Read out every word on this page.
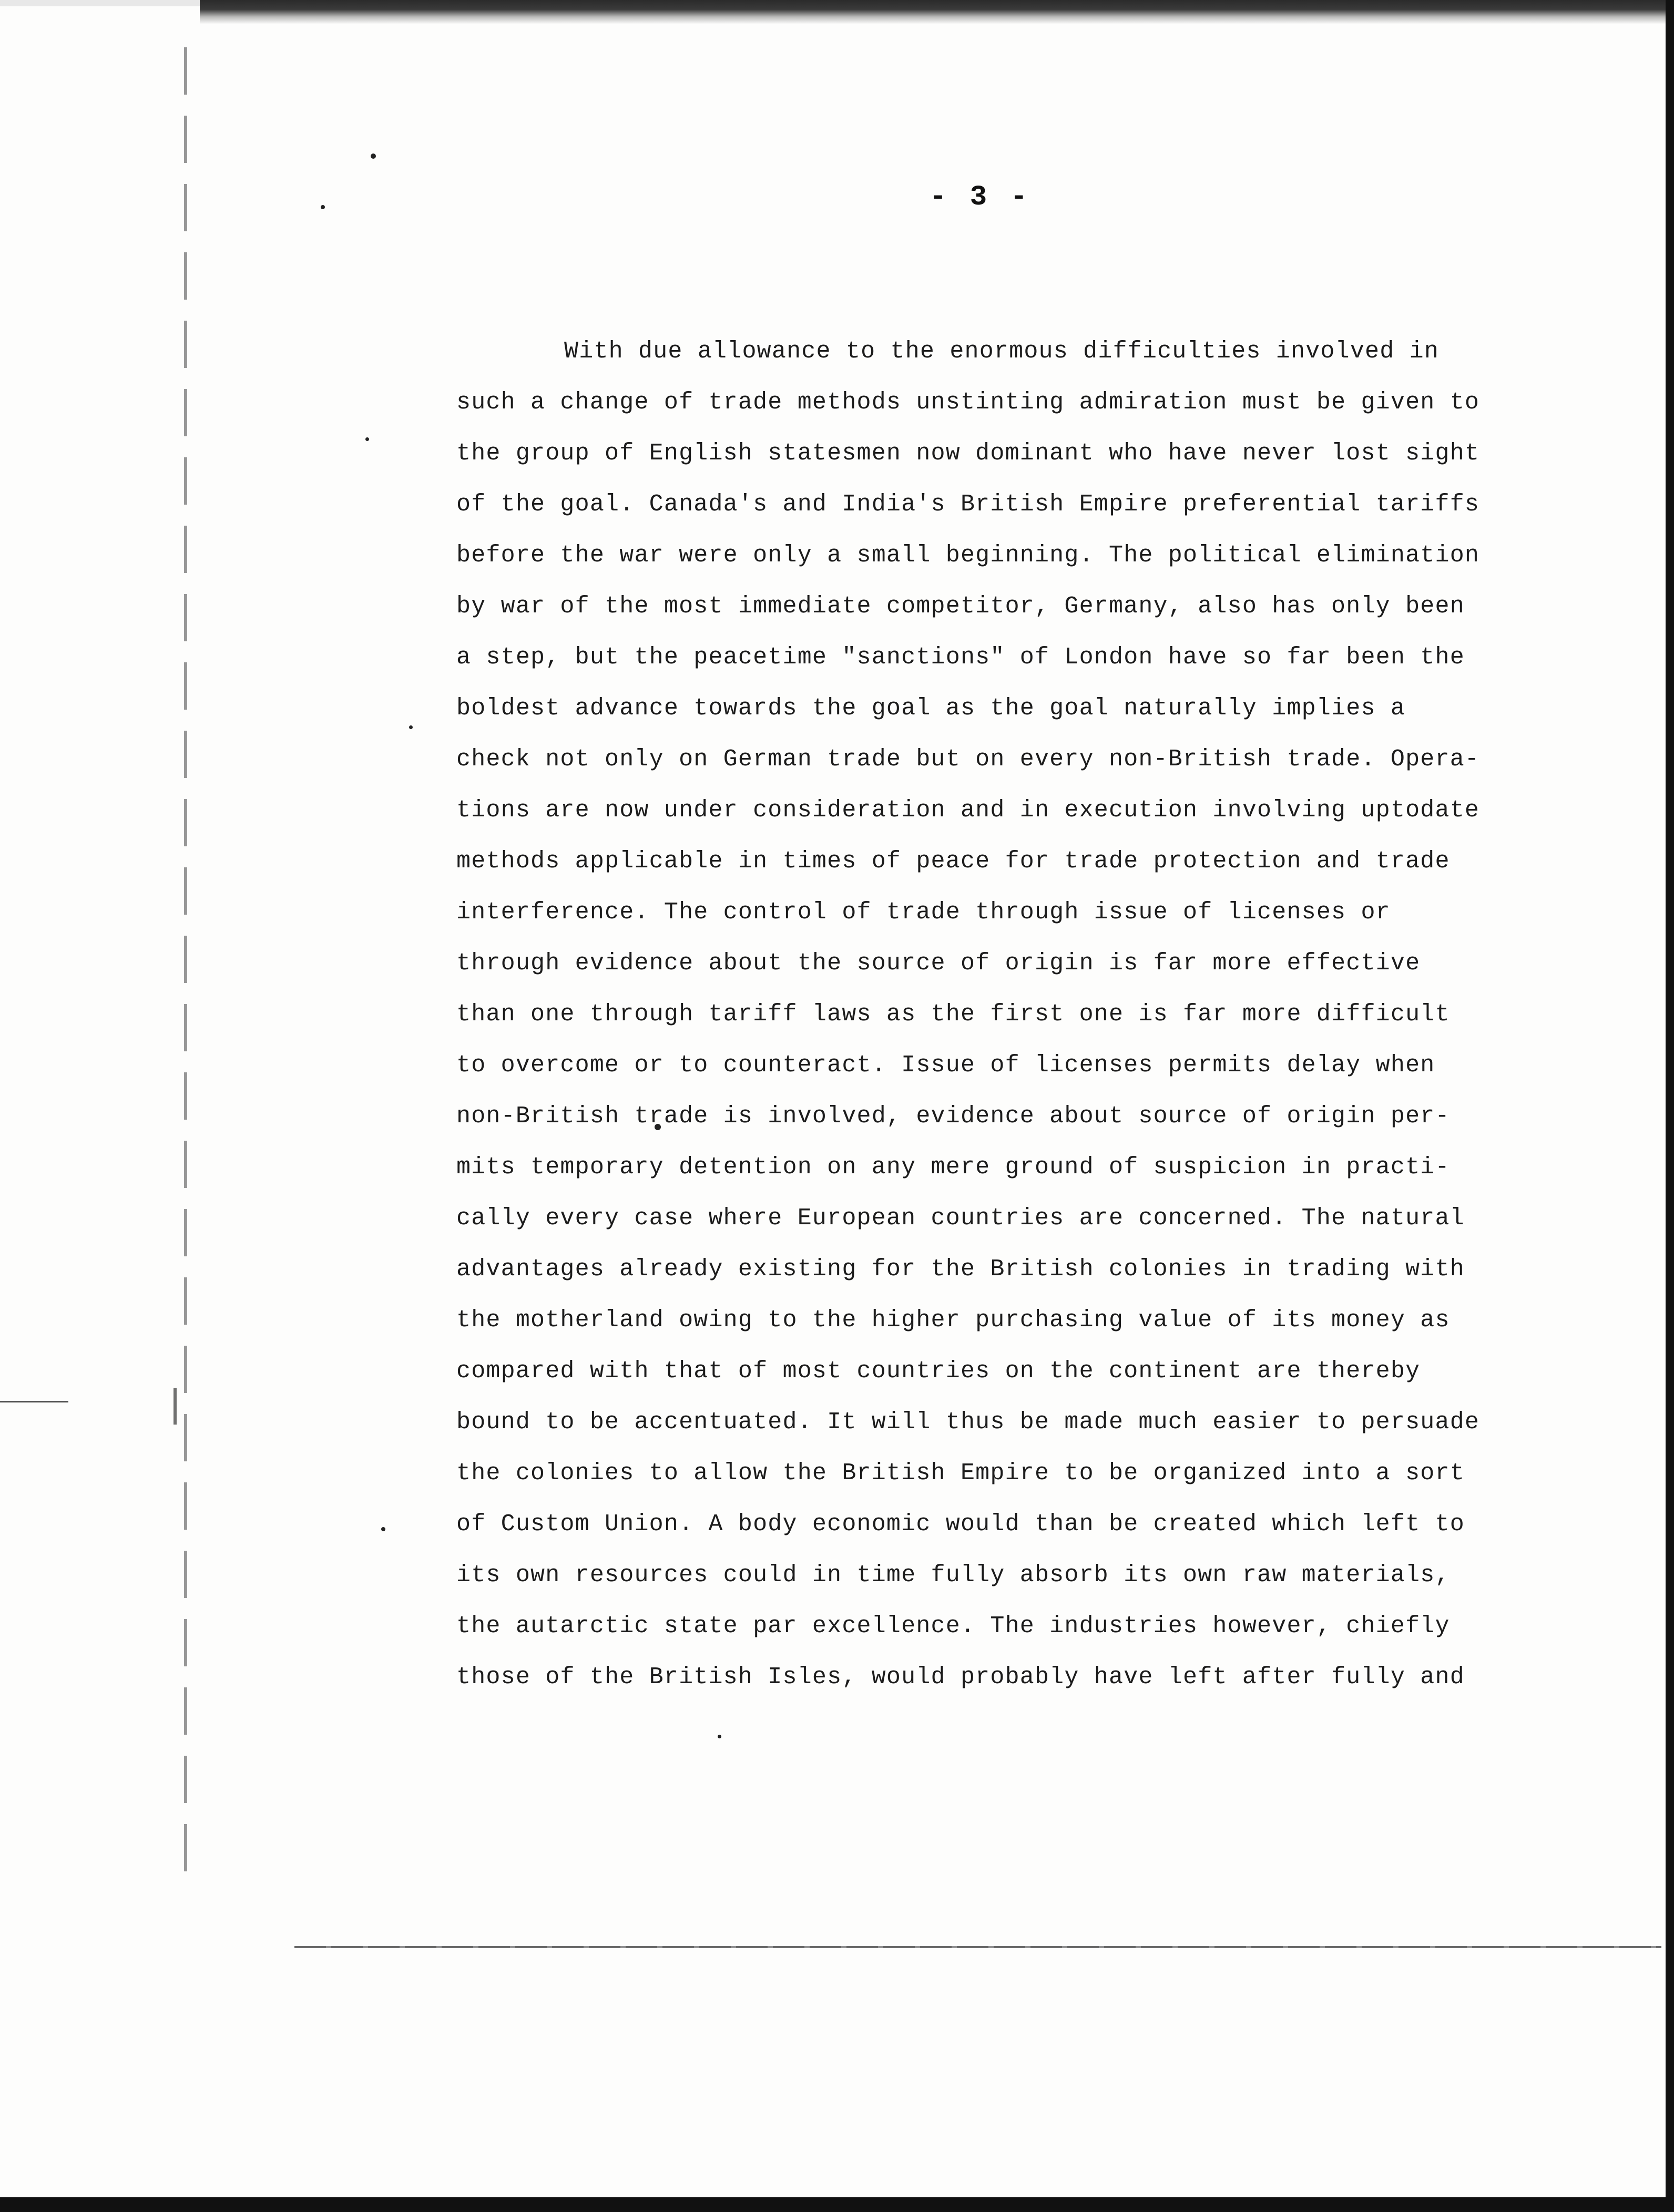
- 3 -
With due allowance to the enormous difficulties involved in
such a change of trade methods unstinting admiration must be given to
the group of English statesmen now dominant who have never lost sight
of the goal. Canada's and India's British Empire preferential tariffs
before the war were only a small beginning. The political elimination
by war of the most immediate competitor, Germany, also has only been
a step, but the peacetime "sanctions" of London have so far been the
boldest advance towards the goal as the goal naturally implies a
check not only on German trade but on every non-British trade. Opera-
tions are now under consideration and in execution involving uptodate
methods applicable in times of peace for trade protection and trade
interference. The control of trade through issue of licenses or
through evidence about the source of origin is far more effective
than one through tariff laws as the first one is far more difficult
to overcome or to counteract. Issue of licenses permits delay when
non-British trade is involved, evidence about source of origin per-
mits temporary detention on any mere ground of suspicion in practi-
cally every case where European countries are concerned. The natural
advantages already existing for the British colonies in trading with
the motherland owing to the higher purchasing value of its money as
compared with that of most countries on the continent are thereby
bound to be accentuated. It will thus be made much easier to persuade
the colonies to allow the British Empire to be organized into a sort
of Custom Union. A body economic would than be created which left to
its own resources could in time fully absorb its own raw materials,
the autarctic state par excellence. The industries however, chiefly
those of the British Isles, would probably have left after fully and
